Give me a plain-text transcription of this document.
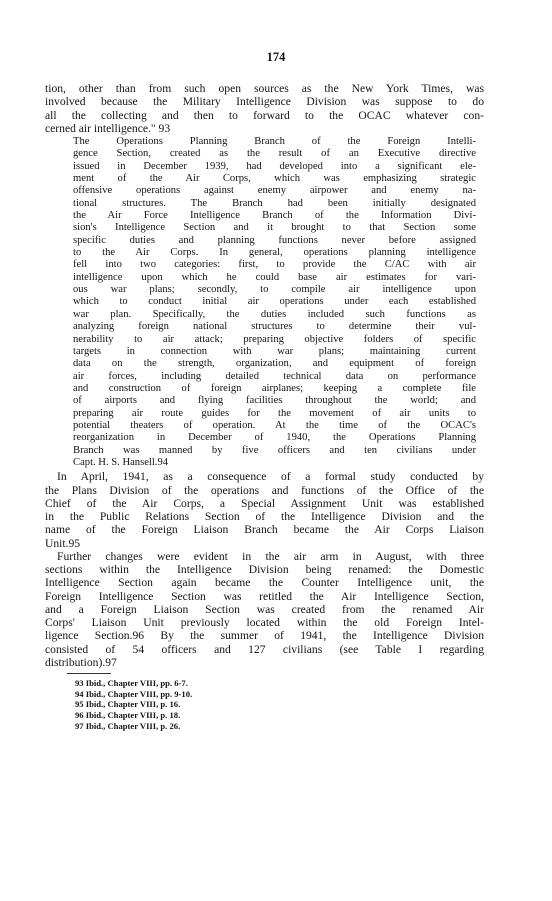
174
tion, other than from such open sources as the New York Times, was
involved because the Military Intelligence Division was suppose to do
all the collecting and then to forward to the OCAC whatever con-
cerned air intelligence." 93
The Operations Planning Branch of the Foreign Intelli-
gence Section, created as the result of an Executive directive
issued in December 1939, had developed into a significant ele-
ment of the Air Corps, which was emphasizing strategic
offensive operations against enemy airpower and enemy na-
tional structures. The Branch had been initially designated
the Air Force Intelligence Branch of the Information Divi-
sion's Intelligence Section and it brought to that Section some
specific duties and planning functions never before assigned
to the Air Corps. In general, operations planning intelligence
fell into two categories: first, to provide the C/AC with air
intelligence upon which he could base air estimates for vari-
ous war plans; secondly, to compile air intelligence upon
which to conduct initial air operations under each established
war plan. Specifically, the duties included such functions as
analyzing foreign national structures to determine their vul-
nerability to air attack; preparing objective folders of specific
targets in connection with war plans; maintaining current
data on the strength, organization, and equipment of foreign
air forces, including detailed technical data on performance
and construction of foreign airplanes; keeping a complete file
of airports and flying facilities throughout the world; and
preparing air route guides for the movement of air units to
potential theaters of operation. At the time of the OCAC's
reorganization in December of 1940, the Operations Planning
Branch was manned by five officers and ten civilians under
Capt. H. S. Hansell.94
In April, 1941, as a consequence of a formal study conducted by
the Plans Division of the operations and functions of the Office of the
Chief of the Air Corps, a Special Assignment Unit was established
in the Public Relations Section of the Intelligence Division and the
name of the Foreign Liaison Branch became the Air Corps Liaison
Unit.95
Further changes were evident in the air arm in August, with three
sections within the Intelligence Division being renamed: the Domestic
Intelligence Section again became the Counter Intelligence unit, the
Foreign Intelligence Section was retitled the Air Intelligence Section,
and a Foreign Liaison Section was created from the renamed Air
Corps' Liaison Unit previously located within the old Foreign Intel-
ligence Section.96 By the summer of 1941, the Intelligence Division
consisted of 54 officers and 127 civilians (see Table I regarding
distribution).97
93 Ibid., Chapter VIII, pp. 6-7.
94 Ibid., Chapter VIII, pp. 9-10.
95 Ibid., Chapter VIII, p. 16.
96 Ibid., Chapter VIII, p. 18.
97 Ibid., Chapter VIII, p. 26.
